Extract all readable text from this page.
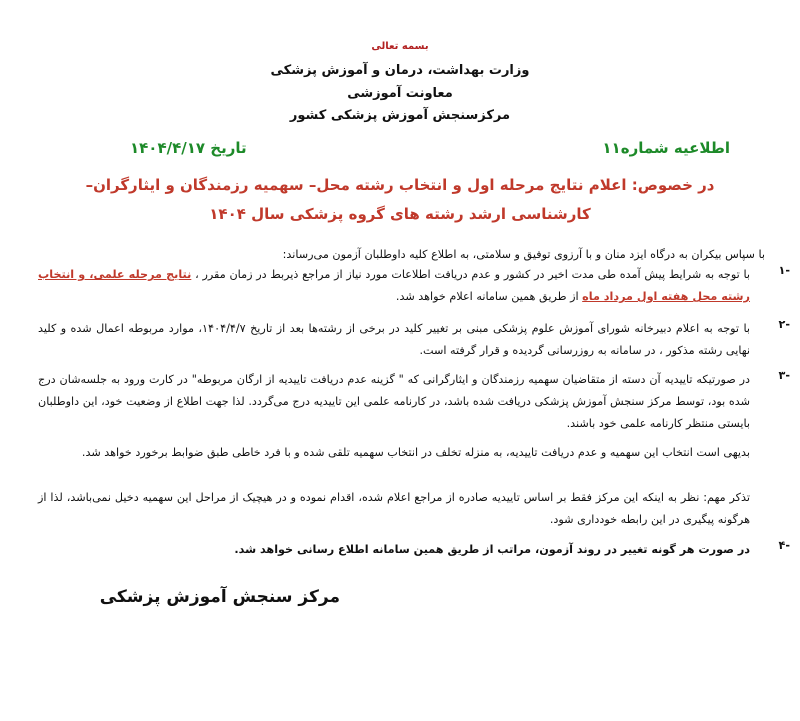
بسمه تعالی
وزارت بهداشت، درمان و آموزش پزشکی
معاونت آموزشی
مرکزسنجش آموزش پزشکی کشور
اطلاعیه شماره۱۱
تاریخ ۱۴۰۴/۴/۱۷
در خصوص: اعلام نتایج مرحله اول و انتخاب رشته محل– سهمیه رزمندگان و ایثارگران–
کارشناسی ارشد رشته های گروه پزشکی سال ۱۴۰۴
با سپاس بیکران به درگاه ایزد منان و با آرزوی توفیق و سلامتی، به اطلاع کلیه داوطلبان آزمون می‌رساند:
-۱
با توجه به شرایط پیش آمده طی مدت اخیر در کشور و عدم دریافت اطلاعات مورد نیاز از مراجع ذیربط در زمان مقرر ، نتایج مرحله علمی، و انتخاب رشته محل هفته اول مرداد ماه از طریق همین سامانه اعلام خواهد شد.
-۲
با توجه به اعلام دبیرخانه شورای آموزش علوم پزشکی مبنی بر تغییر کلید در برخی از رشته‌ها بعد از تاریخ ۱۴۰۴/۴/۷، موارد مربوطه اعمال شده و کلید نهایی رشته مذکور ، در سامانه به روزرسانی گردیده و قرار گرفته است.
-۳
در صورتیکه تاییدیه آن دسته از متقاضیان سهمیه رزمندگان و ایثارگرانی که " گزینه عدم دریافت تاییدیه از ارگان مربوطه" در کارت ورود به جلسه‌شان درج شده بود، توسط مرکز سنجش آموزش پزشکی دریافت شده باشد، در کارنامه علمی این تاییدیه درج می‌گردد. لذا جهت اطلاع از وضعیت خود، این داوطلبان بایستی منتظر کارنامه علمی خود باشند.
بدیهی است انتخاب این سهمیه و عدم دریافت تاییدیه، به منزله تخلف در انتخاب سهمیه تلقی شده و با فرد خاطی طبق ضوابط برخورد خواهد شد.
تذکر مهم: نظر به اینکه این مرکز فقط بر اساس تاییدیه صادره از مراجع اعلام شده، اقدام نموده و در هیچیک از مراحل این سهمیه دخیل نمی‌باشد، لذا از هرگونه پیگیری در این رابطه خودداری شود.
-۴
در صورت هر گونه تغییر در روند آزمون، مراتب از طریق همین سامانه اطلاع رسانی خواهد شد.
مرکز سنجش آموزش پزشکی
